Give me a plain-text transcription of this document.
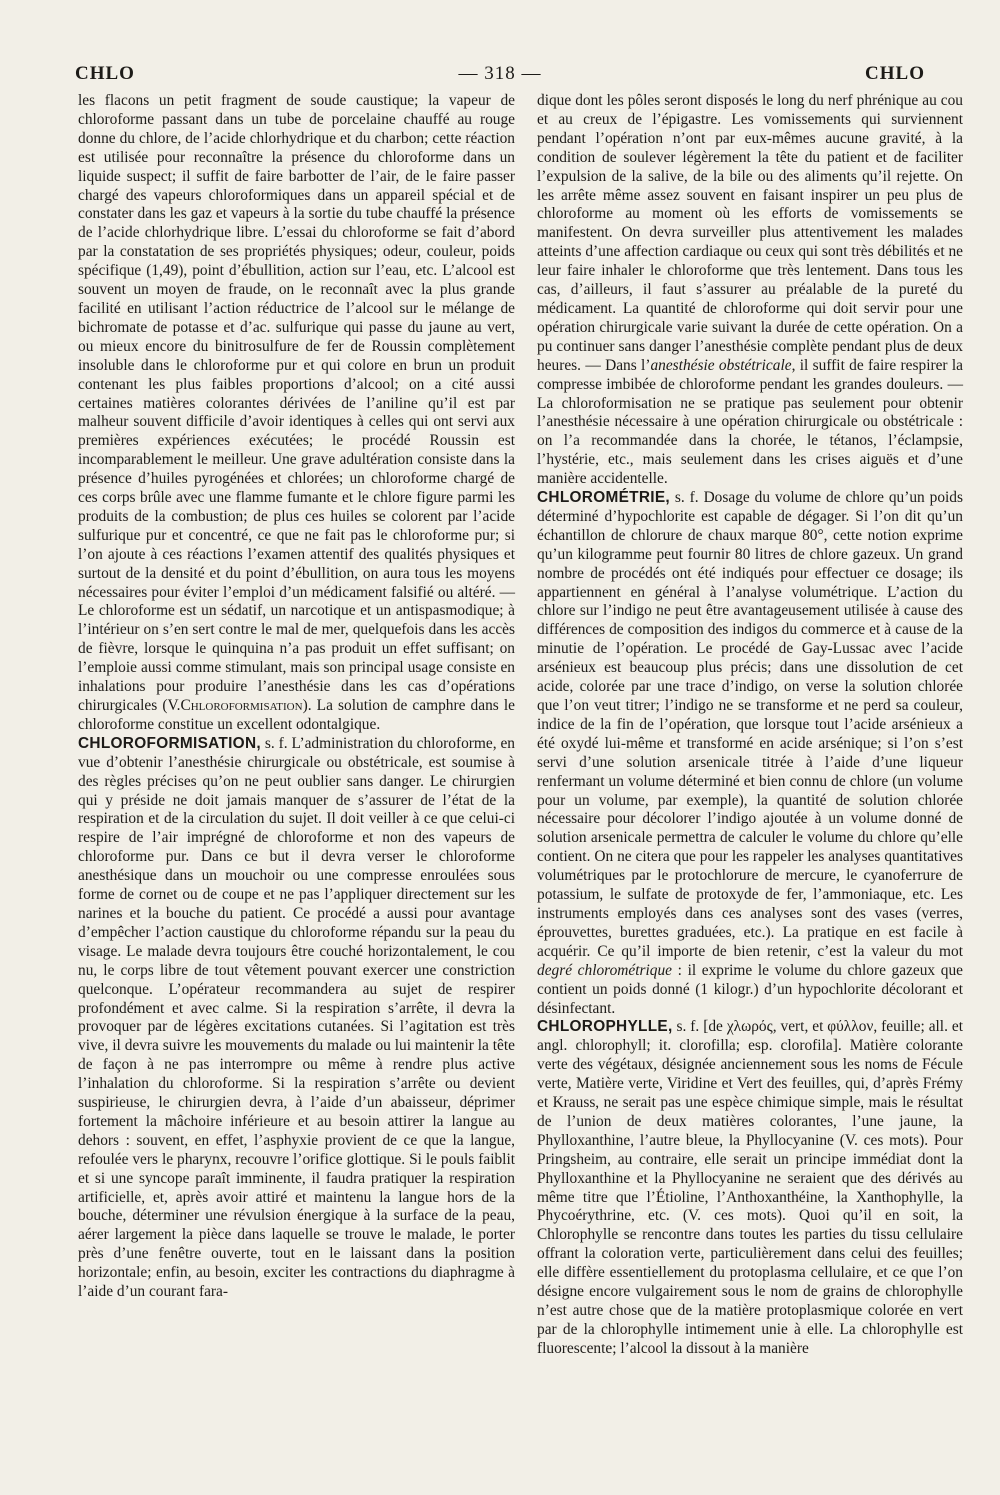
CHLO	— 318 —	CHLO

les flacons un petit fragment de soude caustique; la vapeur de chloroforme passant dans un tube de porcelaine chauffé au rouge donne du chlore, de l’acide chlorhydrique et du charbon; cette réaction est utilisée pour reconnaître la présence du chloroforme dans un liquide suspect; il suffit de faire barbotter de l’air, de le faire passer chargé des vapeurs chloroformiques dans un appareil spécial et de constater dans les gaz et vapeurs à la sortie du tube chauffé la présence de l’acide chlorhydrique libre. L’essai du chloroforme se fait d’abord par la constatation de ses propriétés physiques; odeur, couleur, poids spécifique (1,49), point d’ébullition, action sur l’eau, etc. L’alcool est souvent un moyen de fraude, on le reconnaît avec la plus grande facilité en utilisant l’action réductrice de l’alcool sur le mélange de bichromate de potasse et d’ac. sulfurique qui passe du jaune au vert, ou mieux encore du binitrosulfure de fer de Roussin complètement insoluble dans le chloroforme pur et qui colore en brun un produit contenant les plus faibles proportions d’alcool; on a cité aussi certaines matières colorantes dérivées de l’aniline qu’il est par malheur souvent difficile d’avoir identiques à celles qui ont servi aux premières expériences exécutées; le procédé Roussin est incomparablement le meilleur. Une grave adultération consiste dans la présence d’huiles pyrogénées et chlorées; un chloroforme chargé de ces corps brûle avec une flamme fumante et le chlore figure parmi les produits de la combustion; de plus ces huiles se colorent par l’acide sulfurique pur et concentré, ce que ne fait pas le chloroforme pur; si l’on ajoute à ces réactions l’examen attentif des qualités physiques et surtout de la densité et du point d’ébullition, on aura tous les moyens nécessaires pour éviter l’emploi d’un médicament falsifié ou altéré. — Le chloroforme est un sédatif, un narcotique et un antispasmodique; à l’intérieur on s’en sert contre le mal de mer, quelquefois dans les accès de fièvre, lorsque le quinquina n’a pas produit un effet suffisant; on l’emploie aussi comme stimulant, mais son principal usage consiste en inhalations pour produire l’anesthésie dans les cas d’opérations chirurgicales (V.Chloroformisation). La solution de camphre dans le chloroforme constitue un excellent odontalgique.

CHLOROFORMISATION, s. f. L’administration du chloroforme, en vue d’obtenir l’anesthésie chirurgicale ou obstétricale, est soumise à des règles précises qu’on ne peut oublier sans danger. Le chirurgien qui y préside ne doit jamais manquer de s’assurer de l’état de la respiration et de la circulation du sujet. Il doit veiller à ce que celui-ci respire de l’air imprégné de chloroforme et non des vapeurs de chloroforme pur. Dans ce but il devra verser le chloroforme anesthésique dans un mouchoir ou une compresse enroulées sous forme de cornet ou de coupe et ne pas l’appliquer directement sur les narines et la bouche du patient. Ce procédé a aussi pour avantage d’empêcher l’action caustique du chloroforme répandu sur la peau du visage. Le malade devra toujours être couché horizontalement, le cou nu, le corps libre de tout vêtement pouvant exercer une constriction quelconque. L’opérateur recommandera au sujet de respirer profondément et avec calme. Si la respiration s’arrête, il devra la provoquer par de légères excitations cutanées. Si l’agitation est très vive, il devra suivre les mouvements du malade ou lui maintenir la tête de façon à ne pas interrompre ou même à rendre plus active l’inhalation du chloroforme. Si la respiration s’arrête ou devient suspirieuse, le chirurgien devra, à l’aide d’un abaisseur, déprimer fortement la mâchoire inférieure et au besoin attirer la langue au dehors : souvent, en effet, l’asphyxie provient de ce que la langue, refoulée vers le pharynx, recouvre l’orifice glottique. Si le pouls faiblit et si une syncope paraît imminente, il faudra pratiquer la respiration artificielle, et, après avoir attiré et maintenu la langue hors de la bouche, déterminer une révulsion énergique à la surface de la peau, aérer largement la pièce dans laquelle se trouve le malade, le porter près d’une fenêtre ouverte, tout en le laissant dans la position horizontale; enfin, au besoin, exciter les contractions du diaphragme à l’aide d’un courant fara-

dique dont les pôles seront disposés le long du nerf phrénique au cou et au creux de l’épigastre. Les vomissements qui surviennent pendant l’opération n’ont par eux-mêmes aucune gravité, à la condition de soulever légèrement la tête du patient et de faciliter l’expulsion de la salive, de la bile ou des aliments qu’il rejette. On les arrête même assez souvent en faisant inspirer un peu plus de chloroforme au moment où les efforts de vomissements se manifestent. On devra surveiller plus attentivement les malades atteints d’une affection cardiaque ou ceux qui sont très débilités et ne leur faire inhaler le chloroforme que très lentement. Dans tous les cas, d’ailleurs, il faut s’assurer au préalable de la pureté du médicament. La quantité de chloroforme qui doit servir pour une opération chirurgicale varie suivant la durée de cette opération. On a pu continuer sans danger l’anesthésie complète pendant plus de deux heures. — Dans l’anesthésie obstétricale, il suffit de faire respirer la compresse imbibée de chloroforme pendant les grandes douleurs. — La chloroformisation ne se pratique pas seulement pour obtenir l’anesthésie nécessaire à une opération chirurgicale ou obstétricale : on l’a recommandée dans la chorée, le tétanos, l’éclampsie, l’hystérie, etc., mais seulement dans les crises aiguës et d’une manière accidentelle.

CHLOROMÉTRIE, s. f. Dosage du volume de chlore qu’un poids déterminé d’hypochlorite est capable de dégager. Si l’on dit qu’un échantillon de chlorure de chaux marque 80°, cette notion exprime qu’un kilogramme peut fournir 80 litres de chlore gazeux. Un grand nombre de procédés ont été indiqués pour effectuer ce dosage; ils appartiennent en général à l’analyse volumétrique. L’action du chlore sur l’indigo ne peut être avantageusement utilisée à cause des différences de composition des indigos du commerce et à cause de la minutie de l’opération. Le procédé de Gay-Lussac avec l’acide arsénieux est beaucoup plus précis; dans une dissolution de cet acide, colorée par une trace d’indigo, on verse la solution chlorée que l’on veut titrer; l’indigo ne se transforme et ne perd sa couleur, indice de la fin de l’opération, que lorsque tout l’acide arsénieux a été oxydé lui-même et transformé en acide arsénique; si l’on s’est servi d’une solution arsenicale titrée à l’aide d’une liqueur renfermant un volume déterminé et bien connu de chlore (un volume pour un volume, par exemple), la quantité de solution chlorée nécessaire pour décolorer l’indigo ajoutée à un volume donné de solution arsenicale permettra de calculer le volume du chlore qu’elle contient. On ne citera que pour les rappeler les analyses quantitatives volumétriques par le protochlorure de mercure, le cyanoferrure de potassium, le sulfate de protoxyde de fer, l’ammoniaque, etc. Les instruments employés dans ces analyses sont des vases (verres, éprouvettes, burettes graduées, etc.). La pratique en est facile à acquérir. Ce qu’il importe de bien retenir, c’est la valeur du mot degré chlorométrique : il exprime le volume du chlore gazeux que contient un poids donné (1 kilogr.) d’un hypochlorite décolorant et désinfectant.

CHLOROPHYLLE, s. f. [de χλωρός, vert, et φύλλον, feuille; all. et angl. chlorophyll; it. clorofilla; esp. clorofila]. Matière colorante verte des végétaux, désignée anciennement sous les noms de Fécule verte, Matière verte, Viridine et Vert des feuilles, qui, d’après Frémy et Krauss, ne serait pas une espèce chimique simple, mais le résultat de l’union de deux matières colorantes, l’une jaune, la Phylloxanthine, l’autre bleue, la Phyllocyanine (V. ces mots). Pour Pringsheim, au contraire, elle serait un principe immédiat dont la Phylloxanthine et la Phyllocyanine ne seraient que des dérivés au même titre que l’Étioline, l’Anthoxanthéine, la Xanthophylle, la Phycoérythrine, etc. (V. ces mots). Quoi qu’il en soit, la Chlorophylle se rencontre dans toutes les parties du tissu cellulaire offrant la coloration verte, particulièrement dans celui des feuilles; elle diffère essentiellement du protoplasma cellulaire, et ce que l’on désigne encore vulgairement sous le nom de grains de chlorophylle n’est autre chose que de la matière protoplasmique colorée en vert par de la chlorophylle intimement unie à elle. La chlorophylle est fluorescente; l’alcool la dissout à la manière
